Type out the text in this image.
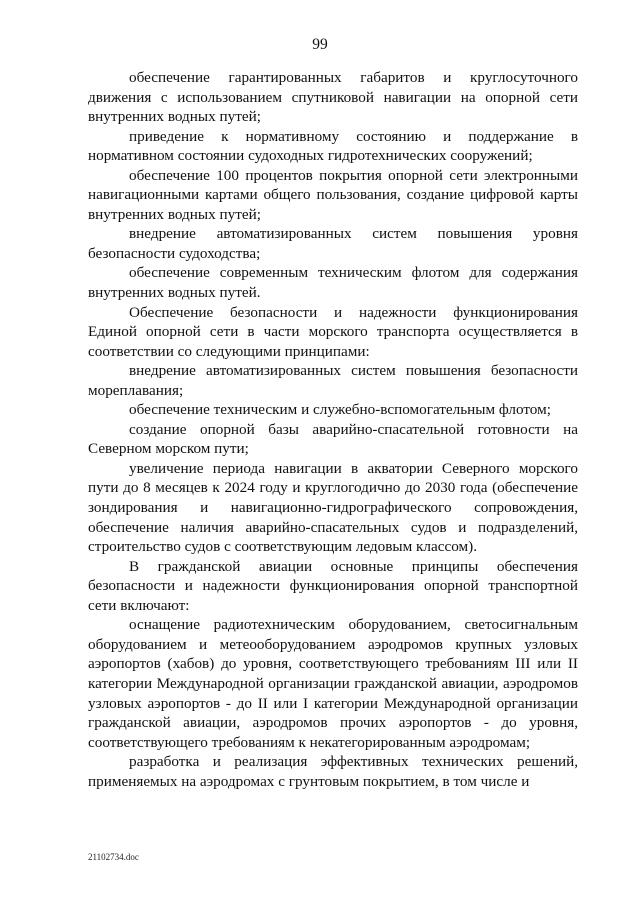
99

обеспечение гарантированных габаритов и круглосуточного движения с использованием спутниковой навигации на опорной сети внутренних водных путей;

приведение к нормативному состоянию и поддержание в нормативном состоянии судоходных гидротехнических сооружений;

обеспечение 100 процентов покрытия опорной сети электронными навигационными картами общего пользования, создание цифровой карты внутренних водных путей;

внедрение автоматизированных систем повышения уровня безопасности судоходства;

обеспечение современным техническим флотом для содержания внутренних водных путей.

Обеспечение безопасности и надежности функционирования Единой опорной сети в части морского транспорта осуществляется в соответствии со следующими принципами:

внедрение автоматизированных систем повышения безопасности мореплавания;

обеспечение техническим и служебно-вспомогательным флотом;

создание опорной базы аварийно-спасательной готовности на Северном морском пути;

увеличение периода навигации в акватории Северного морского пути до 8 месяцев к 2024 году и круглогодично до 2030 года (обеспечение зондирования и навигационно-гидрографического сопровождения, обеспечение наличия аварийно-спасательных судов и подразделений, строительство судов с соответствующим ледовым классом).

В гражданской авиации основные принципы обеспечения безопасности и надежности функционирования опорной транспортной сети включают:

оснащение радиотехническим оборудованием, светосигнальным оборудованием и метеооборудованием аэродромов крупных узловых аэропортов (хабов) до уровня, соответствующего требованиям III или II категории Международной организации гражданской авиации, аэродромов узловых аэропортов - до II или I категории Международной организации гражданской авиации, аэродромов прочих аэропортов - до уровня, соответствующего требованиям к некатегорированным аэродромам;

разработка и реализация эффективных технических решений, применяемых на аэродромах с грунтовым покрытием, в том числе и

21102734.doc
